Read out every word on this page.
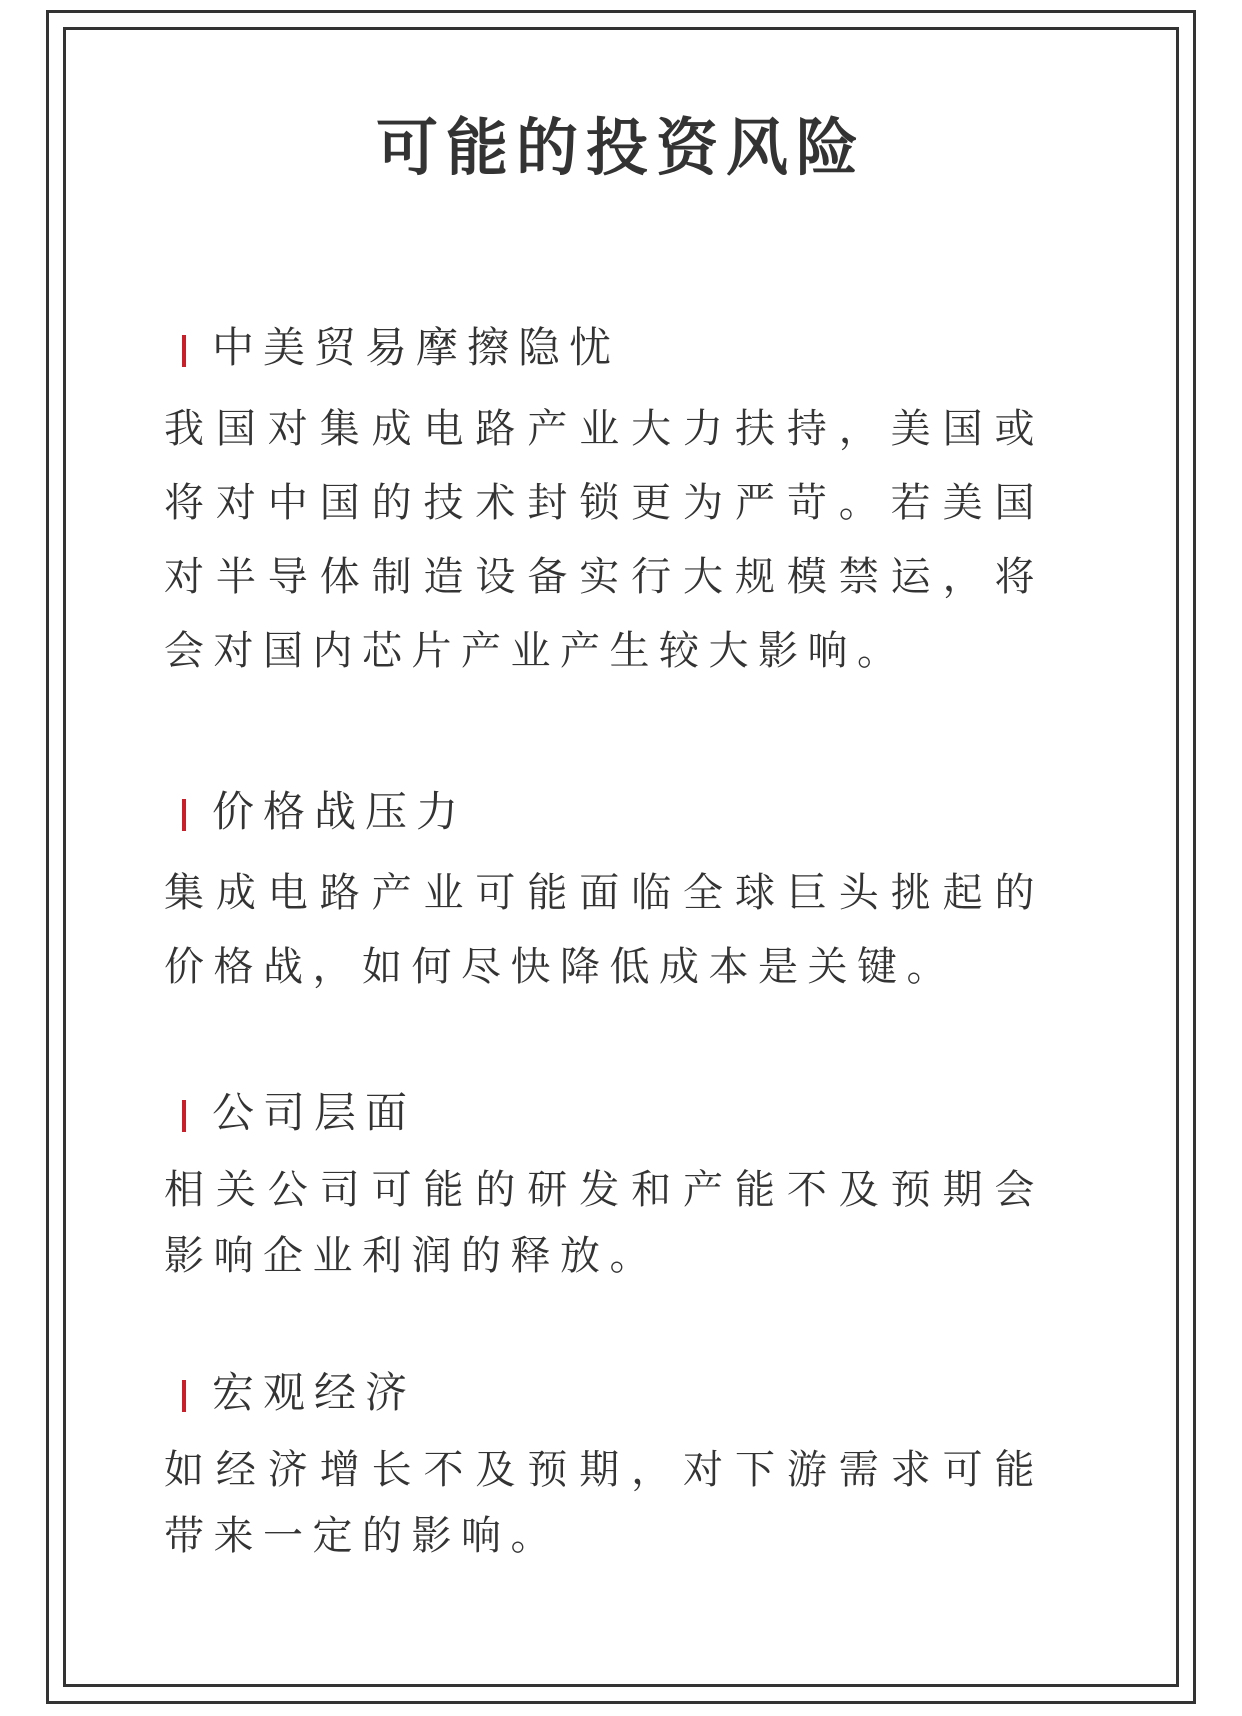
可能的投资风险
中美贸易摩擦隐忧
我国对集成电路产业大力扶持，美国或将对中国的技术封锁更为严苛。若美国对半导体制造设备实行大规模禁运，将会对国内芯片产业产生较大影响。
价格战压力
集成电路产业可能面临全球巨头挑起的价格战，如何尽快降低成本是关键。
公司层面
相关公司可能的研发和产能不及预期会影响企业利润的释放。
宏观经济
如经济增长不及预期，对下游需求可能带来一定的影响。
